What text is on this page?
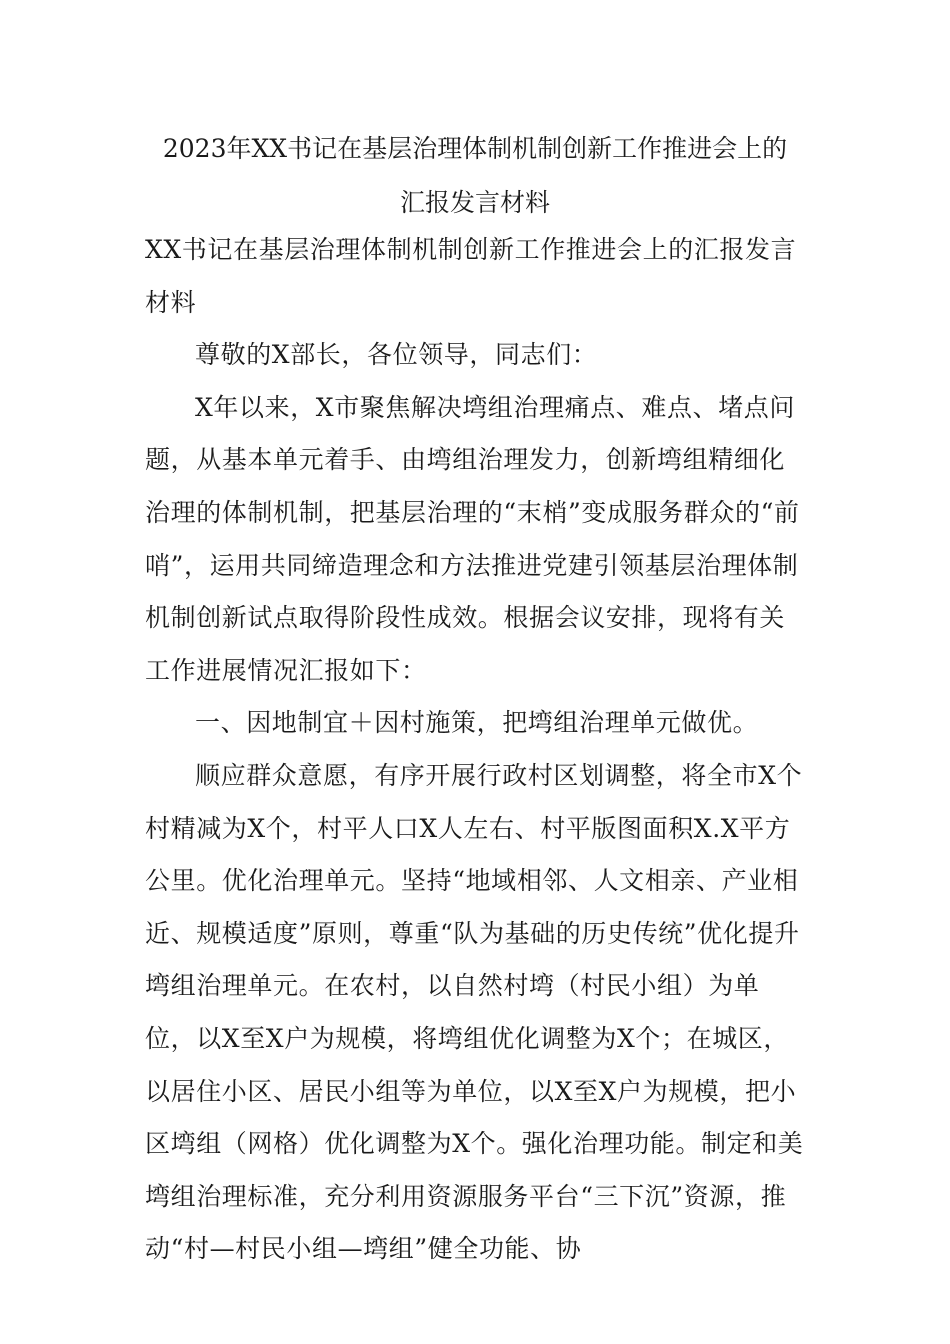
2023年XX书记在基层治理体制机制创新工作推进会上的
汇报发言材料

XX书记在基层治理体制机制创新工作推进会上的汇报发言材料

尊敬的X部长，各位领导，同志们：

X年以来，X市聚焦解决塆组治理痛点、难点、堵点问题，从基本单元着手、由塆组治理发力，创新塆组精细化治理的体制机制，把基层治理的“末梢”变成服务群众的“前哨”，运用共同缔造理念和方法推进党建引领基层治理体制机制创新试点取得阶段性成效。根据会议安排，现将有关工作进展情况汇报如下：

一、因地制宜＋因村施策，把塆组治理单元做优。

顺应群众意愿，有序开展行政村区划调整，将全市X个村精减为X个，村平人口X人左右、村平版图面积X.X平方公里。优化治理单元。坚持“地域相邻、人文相亲、产业相近、规模适度”原则，尊重“队为基础的历史传统”优化提升塆组治理单元。在农村，以自然村塆（村民小组）为单位，以X至X户为规模，将塆组优化调整为X个；在城区，以居住小区、居民小组等为单位，以X至X户为规模，把小区塆组（网格）优化调整为X个。强化治理功能。制定和美塆组治理标准，充分利用资源服务平台“三下沉”资源，推动“村—村民小组—塆组”健全功能、协
